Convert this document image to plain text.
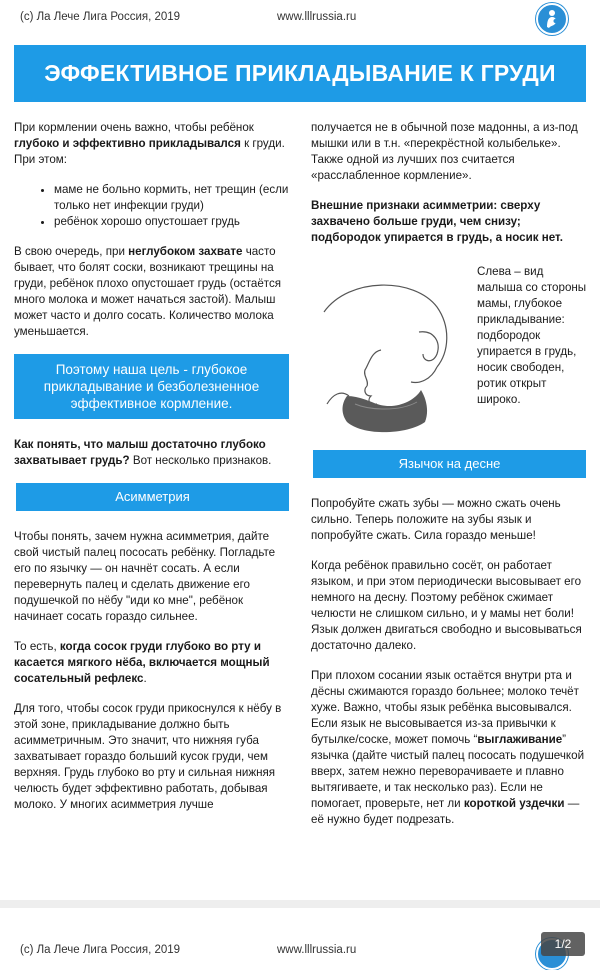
(с) Ла Лече Лига Россия, 2019	www.lllrussia.ru
ЭФФЕКТИВНОЕ ПРИКЛАДЫВАНИЕ К ГРУДИ

При кормлении очень важно, чтобы ребёнок глубоко и эффективно прикладывался к груди. При этом:

• маме не больно кормить, нет трещин (если только нет инфекции груди)
• ребёнок хорошо опустошает грудь

В свою очередь, при неглубоком захвате часто бывает, что болят соски, возникают трещины на груди, ребёнок плохо опустошает грудь (остаётся много молока и может начаться застой). Малыш может часто и долго сосать. Количество молока уменьшается.

Поэтому наша цель - глубокое прикладывание и безболезненное эффективное кормление.

Как понять, что малыш достаточно глубоко захватывает грудь? Вот несколько признаков.

Асимметрия

Чтобы понять, зачем нужна асимметрия, дайте свой чистый палец пососать ребёнку. Погладьте его по язычку — он начнёт сосать. А если перевернуть палец и сделать движение его подушечкой по нёбу "иди ко мне", ребёнок начинает сосать гораздо сильнее.

То есть, когда сосок груди глубоко во рту и касается мягкого нёба, включается мощный сосательный рефлекс.

Для того, чтобы сосок груди прикоснулся к нёбу в этой зоне, прикладывание должно быть асимметричным. Это значит, что нижняя губа захватывает гораздо больший кусок груди, чем верхняя. Грудь глубоко во рту и сильная нижняя челюсть будет эффективно работать, добывая молоко. У многих асимметрия лучше

получается не в обычной позе мадонны, а из-под мышки или в т.н. «перекрёстной колыбельке». Также одной из лучших поз считается «расслабленное кормление».

Внешние признаки асимметрии: сверху захвачено больше груди, чем снизу; подбородок упирается в грудь, а носик нет.

Слева – вид малыша со стороны мамы, глубокое прикладывание: подбородок упирается в грудь, носик свободен, ротик открыт широко.
Язычок на десне

Попробуйте сжать зубы — можно сжать очень сильно. Теперь положите на зубы язык и попробуйте сжать. Сила гораздо меньше!

Когда ребёнок правильно сосёт, он работает языком, и при этом периодически высовывает его немного на десну. Поэтому ребёнок сжимает челюсти не слишком сильно, и у мамы нет боли! Язык должен двигаться свободно и высовываться достаточно далеко.

При плохом сосании язык остаётся внутри рта и дёсны сжимаются гораздо больнее; молоко течёт хуже. Важно, чтобы язык ребёнка высовывался. Если язык не высовывается из-за привычки к бутылке/соске, может помочь “выглаживание” язычка (дайте чистый палец пососать подушечкой вверх, затем нежно переворачиваете и плавно вытягиваете, и так несколько раз). Если не помогает, проверьте, нет ли короткой уздечки — её нужно будет подрезать.

(с) Ла Лече Лига Россия, 2019	www.lllrussia.ru	1/2
